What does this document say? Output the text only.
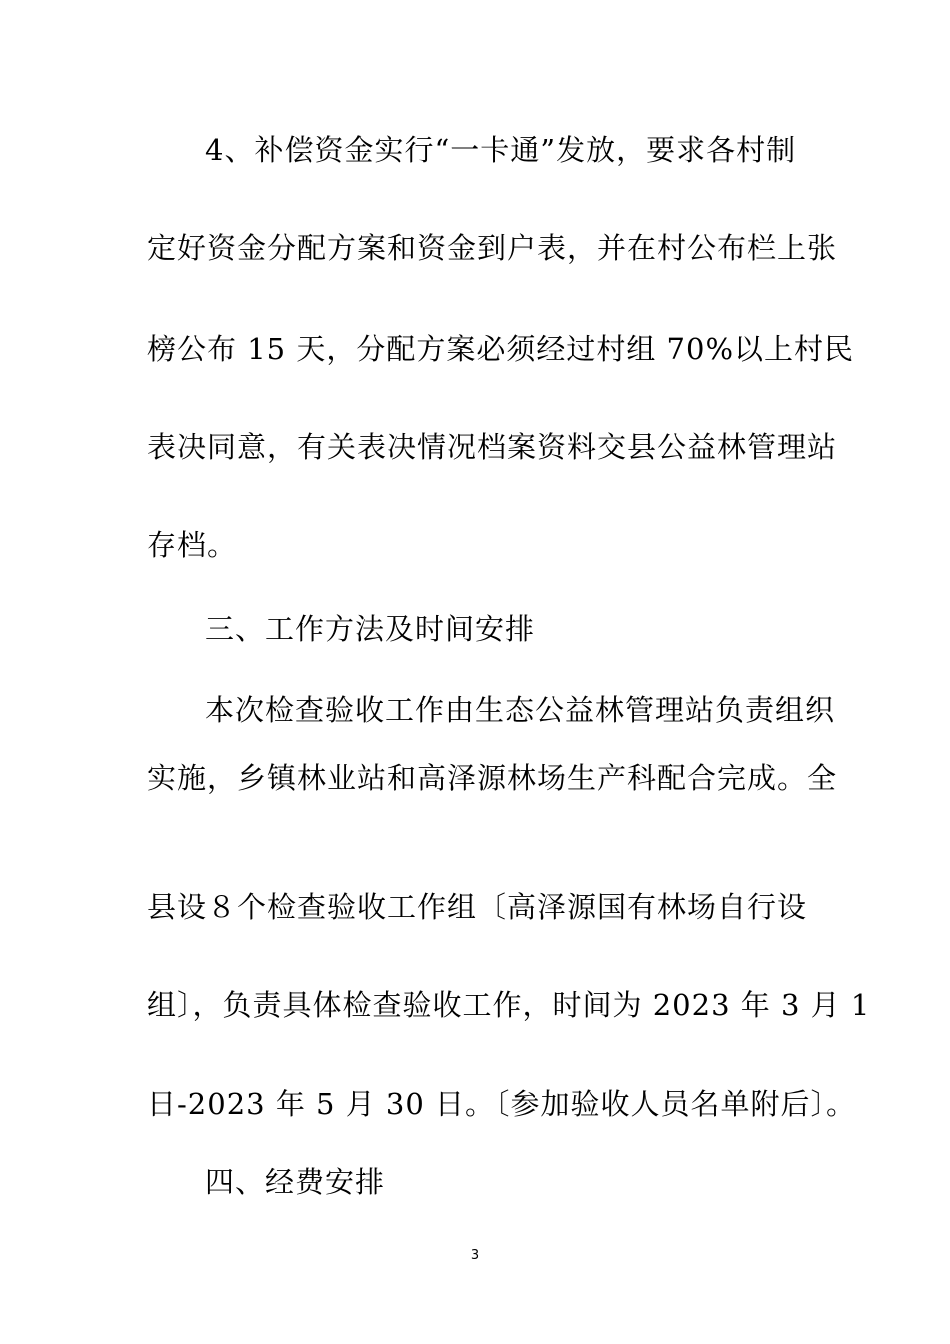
4、补偿资金实行“一卡通”发放，要求各村制
定好资金分配方案和资金到户表，并在村公布栏上张
榜公布 15 天，分配方案必须经过村组 70%以上村民
表决同意，有关表决情况档案资料交县公益林管理站
存档。
三、工作方法及时间安排
本次检查验收工作由生态公益林管理站负责组织
实施，乡镇林业站和高泽源林场生产科配合完成。全
县设８个检查验收工作组〔高泽源国有林场自行设
组〕，负责具体检查验收工作，时间为 2023 年 3 月 1
日-2023 年 5 月 30 日。〔参加验收人员名单附后〕。
四、经费安排
3
